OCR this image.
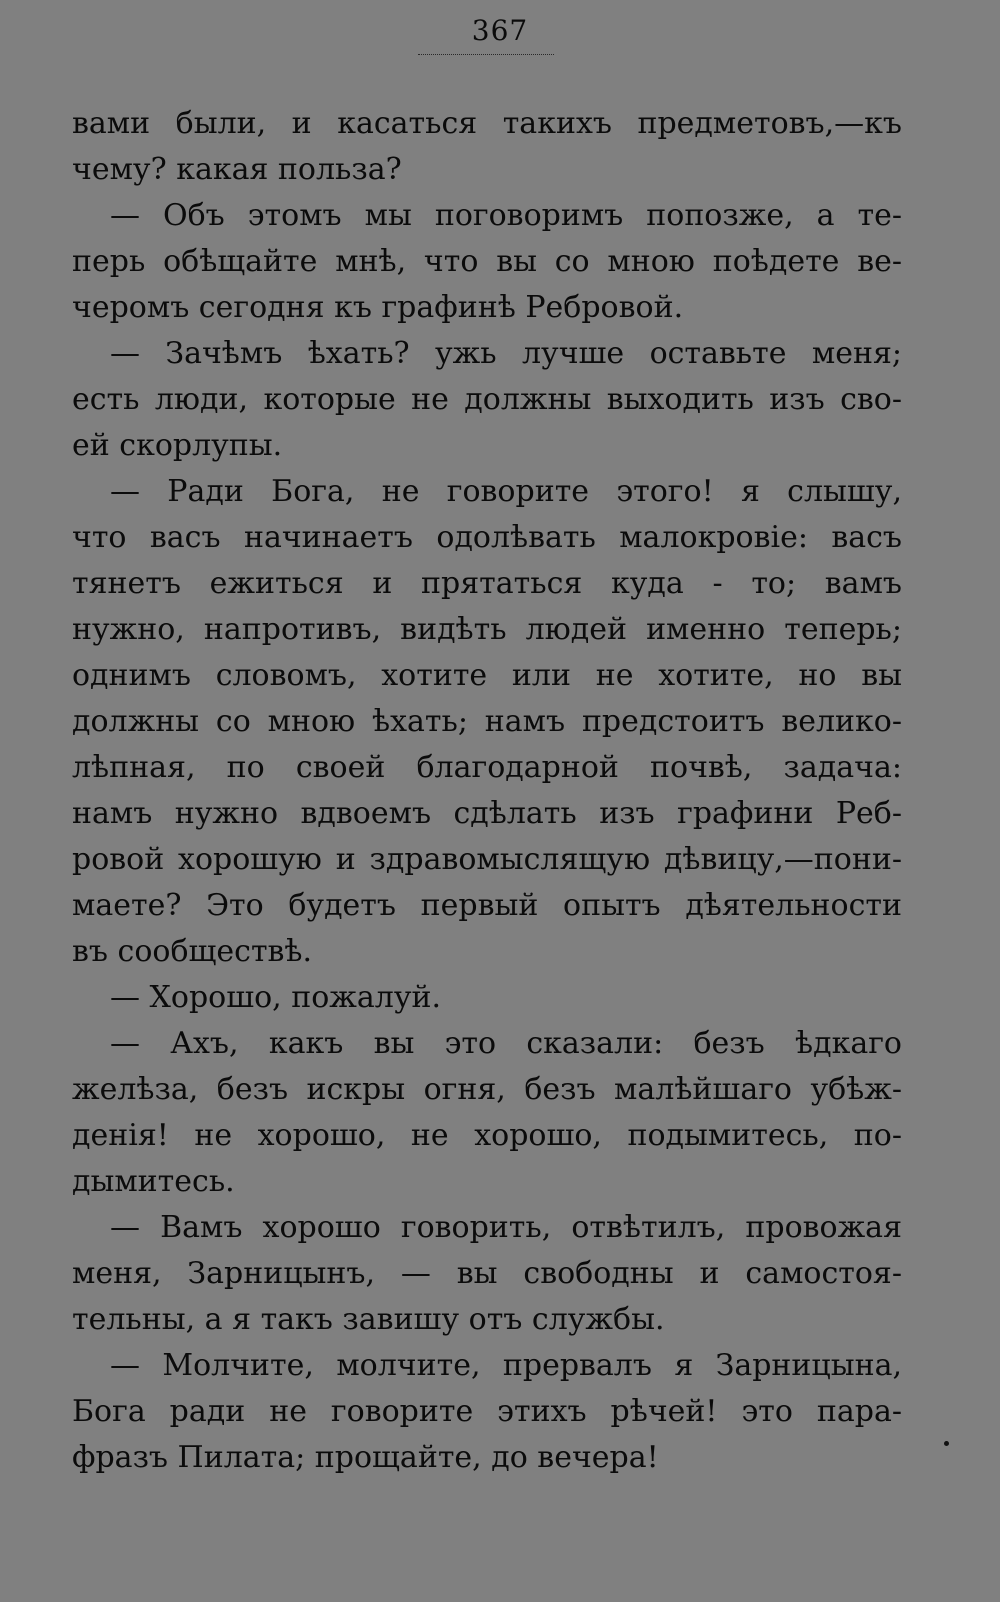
367
вами были, и касаться такихъ предметовъ,—къ
чему? какая польза?
— Объ этомъ мы поговоримъ попозже, а те-
перь обѣщайте мнѣ, что вы со мною поѣдете ве-
черомъ сегодня къ графинѣ Ребровой.
— Зачѣмъ ѣхать? ужь лучше оставьте меня;
есть люди, которые не должны выходить изъ сво-
ей скорлупы.
— Ради Бога, не говорите этого! я слышу,
что васъ начинаетъ одолѣвать малокровіе: васъ
тянетъ ежиться и прятаться куда - то; вамъ
нужно, напротивъ, видѣть людей именно теперь;
однимъ словомъ, хотите или не хотите, но вы
должны со мною ѣхать; намъ предстоитъ велико-
лѣпная, по своей благодарной почвѣ, задача:
намъ нужно вдвоемъ сдѣлать изъ графини Реб-
ровой хорошую и здравомыслящую дѣвицу,—пони-
маете? Это будетъ первый опытъ дѣятельности
въ сообществѣ.
— Хорошо, пожалуй.
— Ахъ, какъ вы это сказали: безъ ѣдкаго
желѣза, безъ искры огня, безъ малѣйшаго убѣж-
денія! не хорошо, не хорошо, подымитесь, по-
дымитесь.
— Вамъ хорошо говорить, отвѣтилъ, провожая
меня, Зарницынъ, — вы свободны и самостоя-
тельны, а я такъ завишу отъ службы.
— Молчите, молчите, прервалъ я Зарницына,
Бога ради не говорите этихъ рѣчей! это пара-
фразъ Пилата; прощайте, до вечера!
